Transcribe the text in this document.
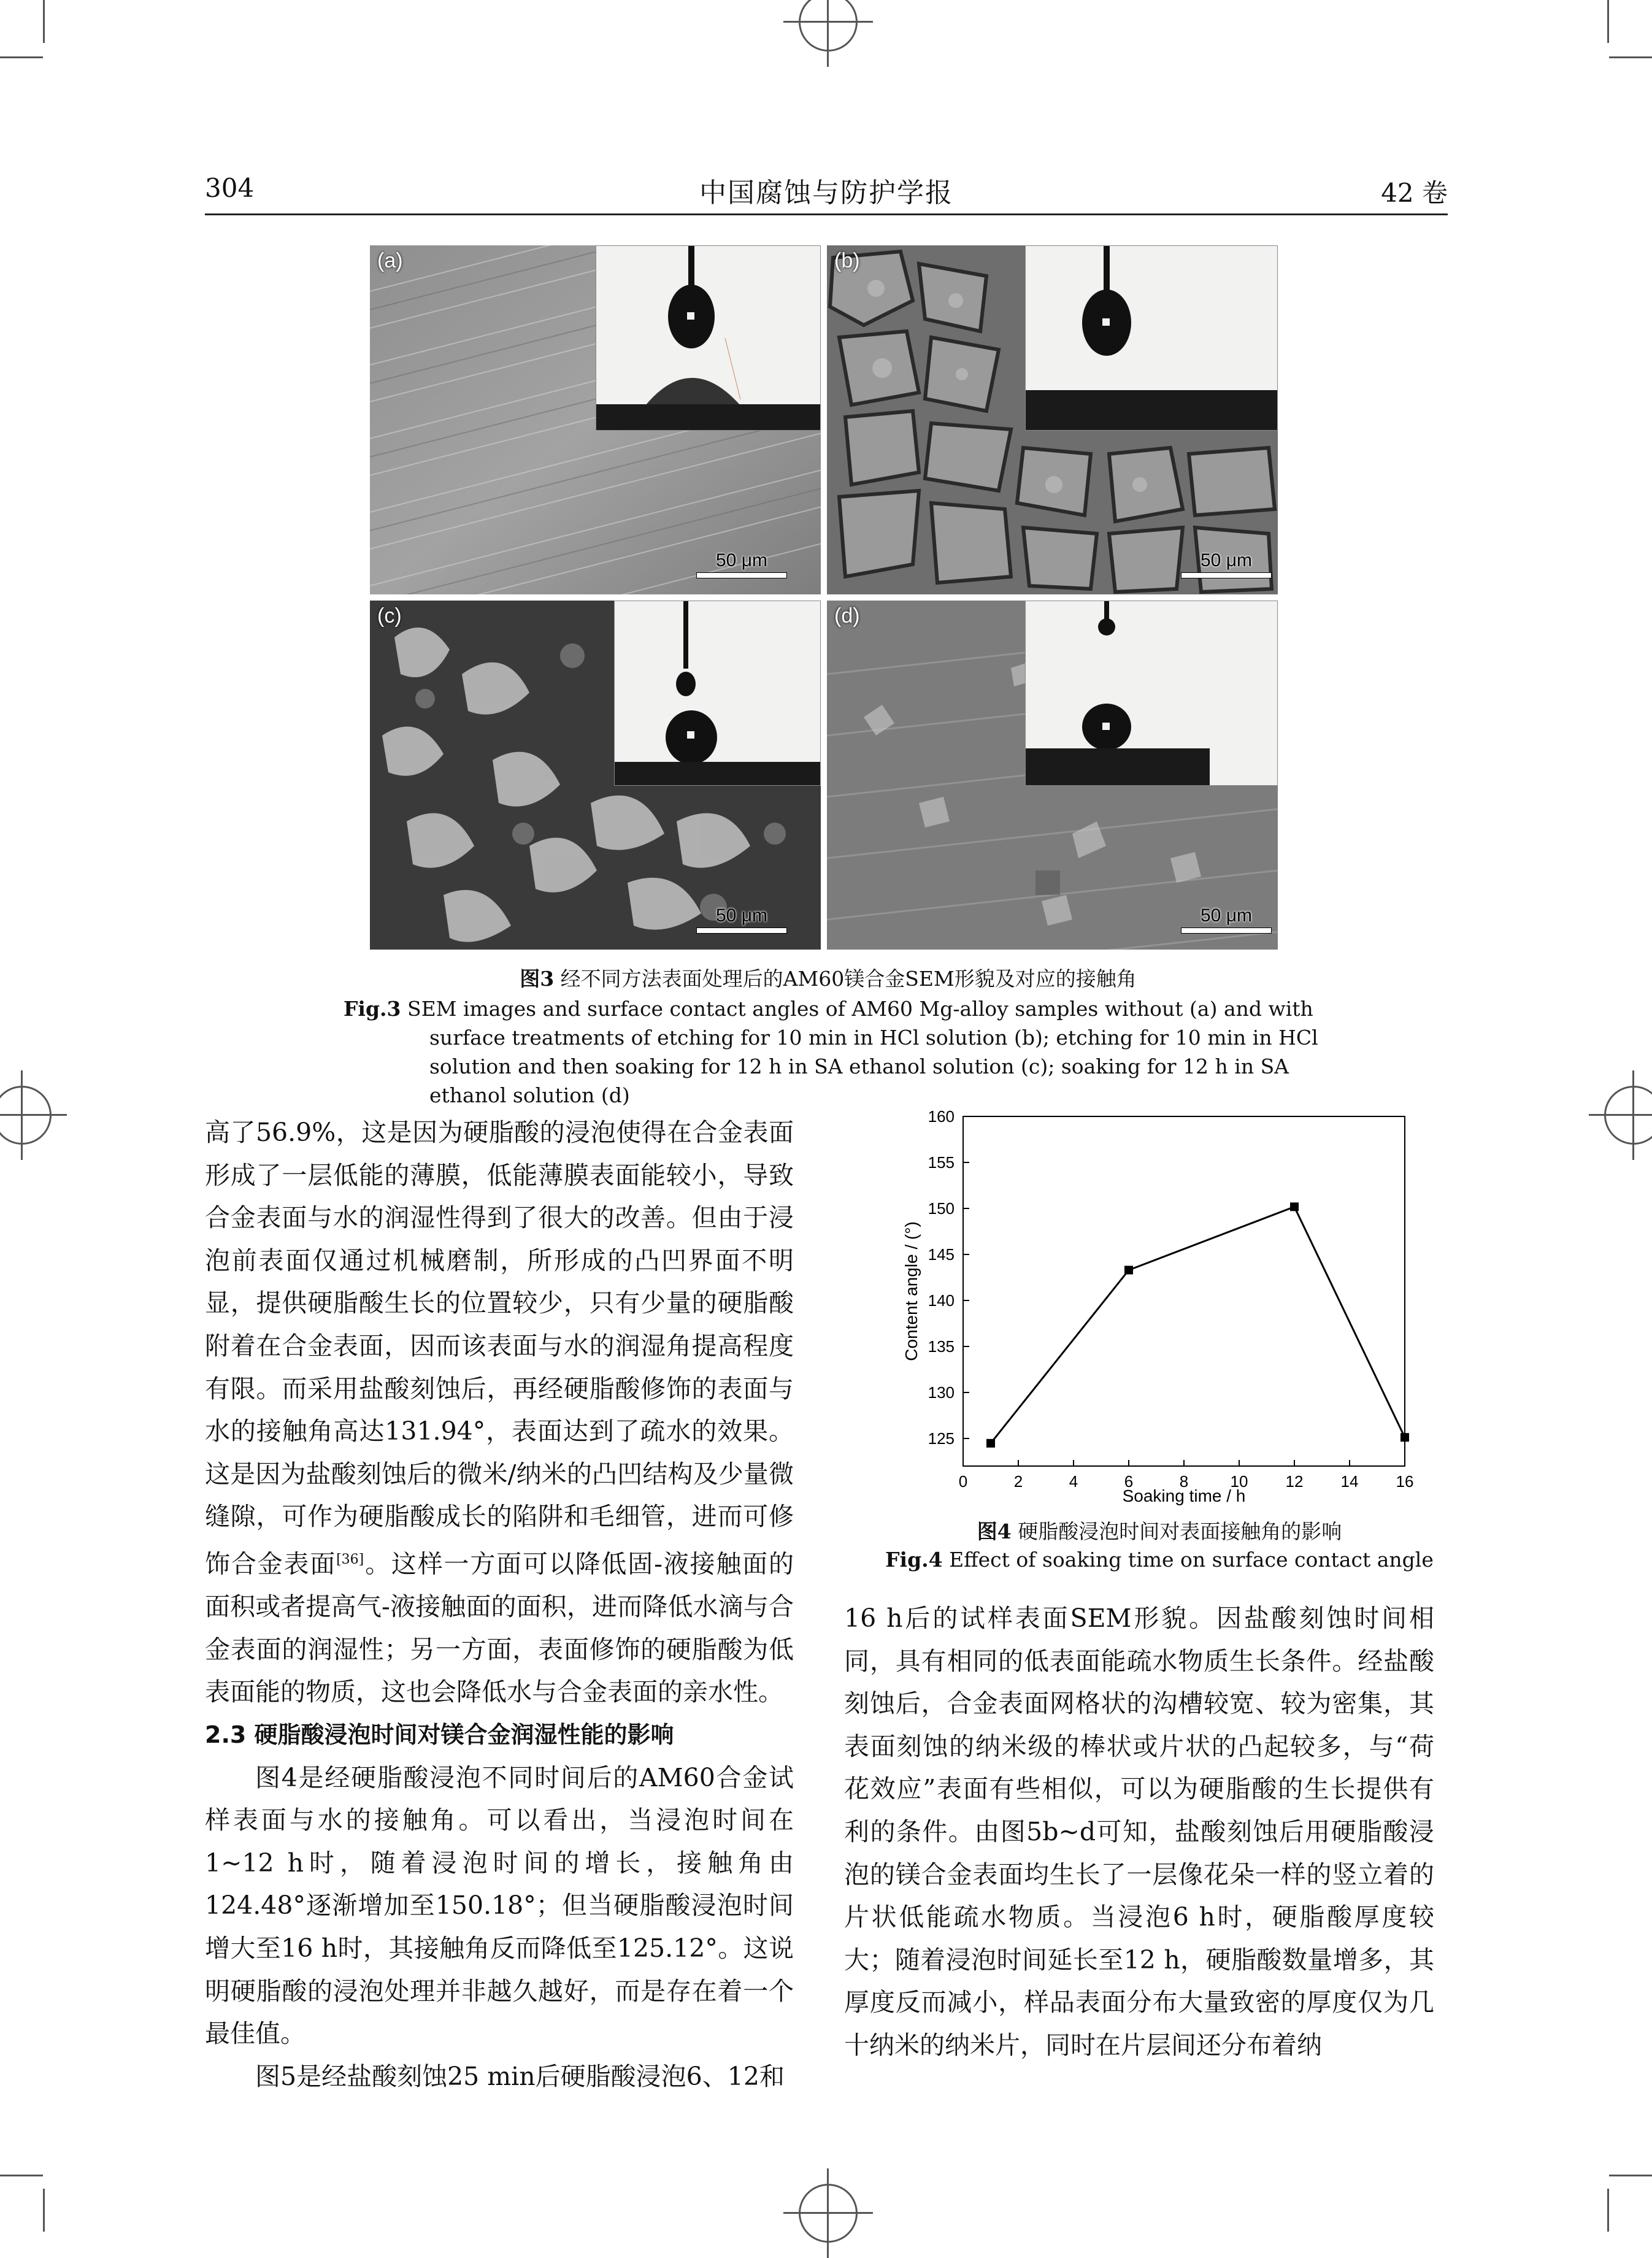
304	中国腐蚀与防护学报	42 卷
(a)
50 μm
(b)
50 μm
(c)
50 μm
(d)
50 μm
图3 经不同方法表面处理后的AM60镁合金SEM形貌及对应的接触角
Fig.3 SEM images and surface contact angles of AM60 Mg-alloy samples without (a) and with surface treatments of etching for 10 min in HCl solution (b); etching for 10 min in HCl solution and then soaking for 12 h in SA ethanol solution (c); soaking for 12 h in SA ethanol solution (d)

高了56.9%，这是因为硬脂酸的浸泡使得在合金表面形成了一层低能的薄膜，低能薄膜表面能较小，导致合金表面与水的润湿性得到了很大的改善。但由于浸泡前表面仅通过机械磨制，所形成的凸凹界面不明显，提供硬脂酸生长的位置较少，只有少量的硬脂酸附着在合金表面，因而该表面与水的润湿角提高程度有限。而采用盐酸刻蚀后，再经硬脂酸修饰的表面与水的接触角高达131.94°，表面达到了疏水的效果。这是因为盐酸刻蚀后的微米/纳米的凸凹结构及少量微缝隙，可作为硬脂酸成长的陷阱和毛细管，进而可修饰合金表面[36]。这样一方面可以降低固-液接触面的面积或者提高气-液接触面的面积，进而降低水滴与合金表面的润湿性；另一方面，表面修饰的硬脂酸为低表面能的物质，这也会降低水与合金表面的亲水性。

2.3 硬脂酸浸泡时间对镁合金润湿性能的影响

图4是经硬脂酸浸泡不同时间后的AM60合金试样表面与水的接触角。可以看出，当浸泡时间在1~12 h时，随着浸泡时间的增长，接触角由124.48°逐渐增加至150.18°；但当硬脂酸浸泡时间增大至16 h时，其接触角反而降低至125.12°。这说明硬脂酸的浸泡处理并非越久越好，而是存在着一个最佳值。

图5是经盐酸刻蚀25 min后硬脂酸浸泡6、12和

125
130
135
140
145
150
155
160
0	2	4	6	8	10 12 14 16
Soaking time / h
Content angle / (°)
图4 硬脂酸浸泡时间对表面接触角的影响
Fig.4 Effect of soaking time on surface contact angle

16 h后的试样表面SEM形貌。因盐酸刻蚀时间相同，具有相同的低表面能疏水物质生长条件。经盐酸刻蚀后，合金表面网格状的沟槽较宽、较为密集，其表面刻蚀的纳米级的棒状或片状的凸起较多，与“荷花效应”表面有些相似，可以为硬脂酸的生长提供有利的条件。由图5b~d可知，盐酸刻蚀后用硬脂酸浸泡的镁合金表面均生长了一层像花朵一样的竖立着的片状低能疏水物质。当浸泡6 h时，硬脂酸厚度较大；随着浸泡时间延长至12 h，硬脂酸数量增多，其厚度反而减小，样品表面分布大量致密的厚度仅为几十纳米的纳米片，同时在片层间还分布着纳
